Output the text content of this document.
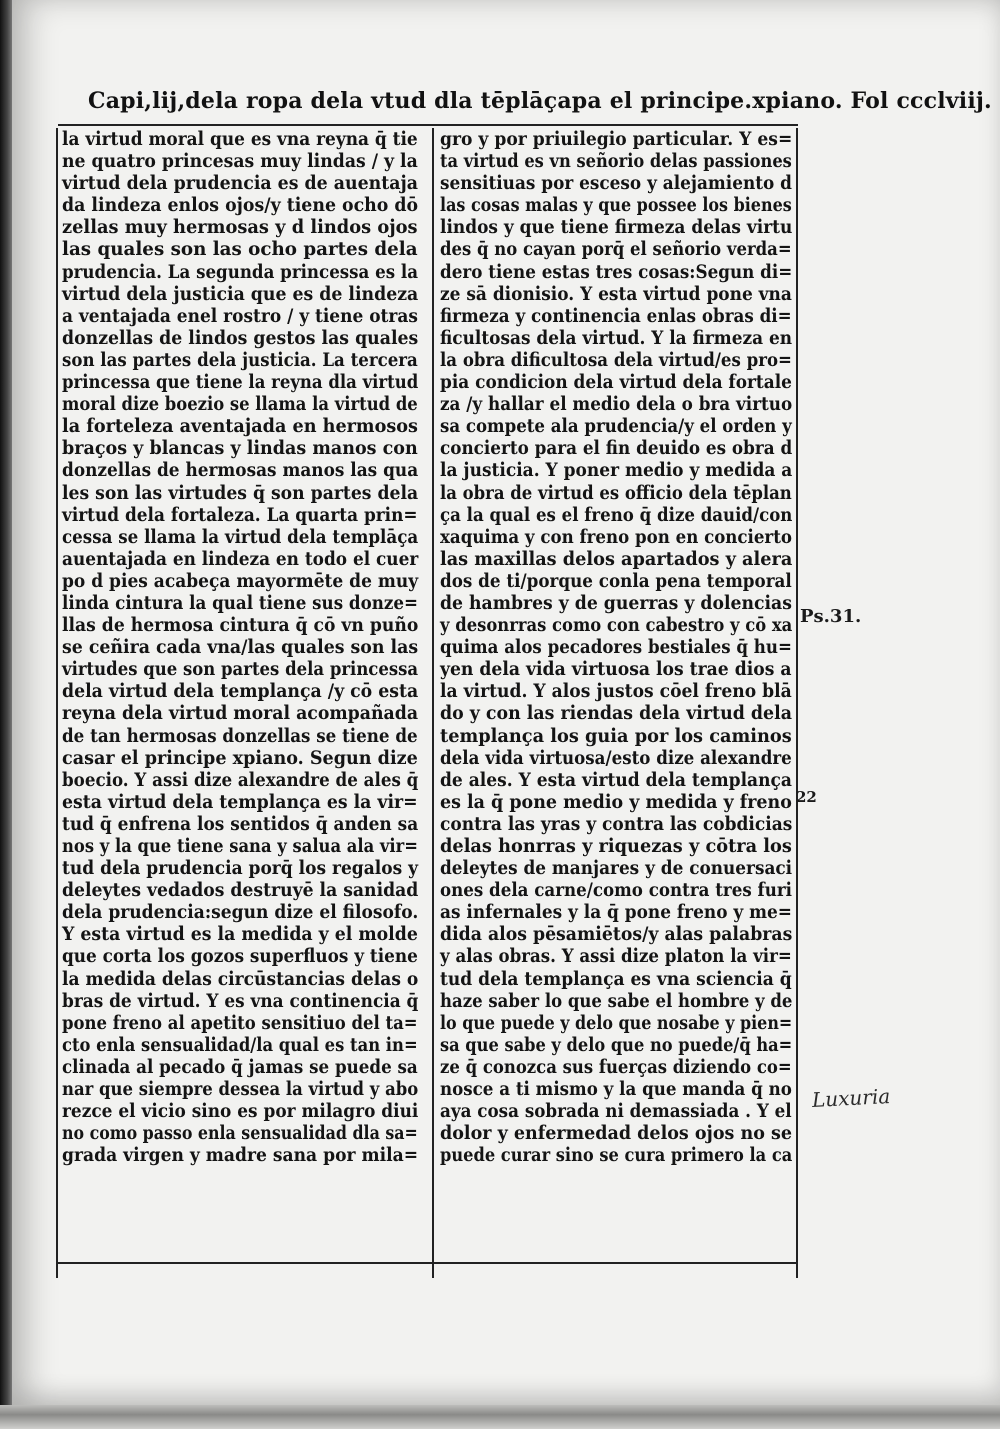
Capi,lij,dela ropa dela vtud dla tēplāçapa el principe.xpiano. Fol ccclviij.
la virtud moral que es vna reyna q̄ tie
ne quatro princesas muy lindas / y la
virtud dela prudencia es de auentaja
da lindeza enlos ojos/y tiene ocho dō
zellas muy hermosas y d lindos ojos
las quales son las ocho partes dela
prudencia. La segunda princessa es la
virtud dela justicia que es de lindeza
a ventajada enel rostro / y tiene otras
donzellas de lindos gestos las quales
son las partes dela justicia. La tercera
princessa que tiene la reyna dla virtud
moral dize boezio se llama la virtud de
la forteleza aventajada en hermosos
braços y blancas y lindas manos con
donzellas de hermosas manos las qua
les son las virtudes q̄ son partes dela
virtud dela fortaleza. La quarta prin=
cessa se llama la virtud dela templāça
auentajada en lindeza en todo el cuer
po d pies acabeça mayormēte de muy
linda cintura la qual tiene sus donze=
llas de hermosa cintura q̄ cō vn puño
se ceñira cada vna/las quales son las
virtudes que son partes dela princessa
dela virtud dela templança /y cō esta
reyna dela virtud moral acompañada
de tan hermosas donzellas se tiene de
casar el principe xpiano. Segun dize
boecio. Y assi dize alexandre de ales q̄
esta virtud dela templança es la vir=
tud q̄ enfrena los sentidos q̄ anden sa
nos y la que tiene sana y salua ala vir=
tud dela prudencia porq̄ los regalos y
deleytes vedados destruyē la sanidad
dela prudencia:segun dize el filosofo.
Y esta virtud es la medida y el molde
que corta los gozos superfluos y tiene
la medida delas circūstancias delas o
bras de virtud. Y es vna continencia q̄
pone freno al apetito sensitiuo del ta=
cto enla sensualidad/la qual es tan in=
clinada al pecado q̄ jamas se puede sa
nar que siempre dessea la virtud y abo
rezce el vicio sino es por milagro diui
no como passo enla sensualidad dla sa=
grada virgen y madre sana por mila=
gro y por priuilegio particular. Y es=
ta virtud es vn señorio delas passiones
sensitiuas por esceso y alejamiento d
las cosas malas y que possee los bienes
lindos y que tiene firmeza delas virtu
des q̄ no cayan porq̄ el señorio verda=
dero tiene estas tres cosas:Segun di=
ze sā dionisio. Y esta virtud pone vna
firmeza y continencia enlas obras di=
ficultosas dela virtud. Y la firmeza en
la obra dificultosa dela virtud/es pro=
pia condicion dela virtud dela fortale
za /y hallar el medio dela o bra virtuo
sa compete ala prudencia/y el orden y
concierto para el fin deuido es obra d
la justicia. Y poner medio y medida a
la obra de virtud es officio dela tēplan
ça la qual es el freno q̄ dize dauid/con
xaquima y con freno pon en concierto
las maxillas delos apartados y alera
dos de ti/porque conla pena temporal
de hambres y de guerras y dolencias
y desonrras como con cabestro y cō xa
quima alos pecadores bestiales q̄ hu=
yen dela vida virtuosa los trae dios a
la virtud. Y alos justos cōel freno blā
do y con las riendas dela virtud dela
templança los guia por los caminos
dela vida virtuosa/esto dize alexandre
de ales. Y esta virtud dela templança
es la q̄ pone medio y medida y freno
contra las yras y contra las cobdicias
delas honrras y riquezas y cōtra los
deleytes de manjares y de conuersaci
ones dela carne/como contra tres furi
as infernales y la q̄ pone freno y me=
dida alos pēsamiētos/y alas palabras
y alas obras. Y assi dize platon la vir=
tud dela templança es vna sciencia q̄
haze saber lo que sabe el hombre y de
lo que puede y delo que nosabe y pien=
sa que sabe y delo que no puede/q̄ ha=
ze q̄ conozca sus fuerças diziendo co=
nosce a ti mismo y la que manda q̄ no
aya cosa sobrada ni demassiada . Y el
dolor y enfermedad delos ojos no se
puede curar sino se cura primero la ca
Ps.31.
22
Luxuria
